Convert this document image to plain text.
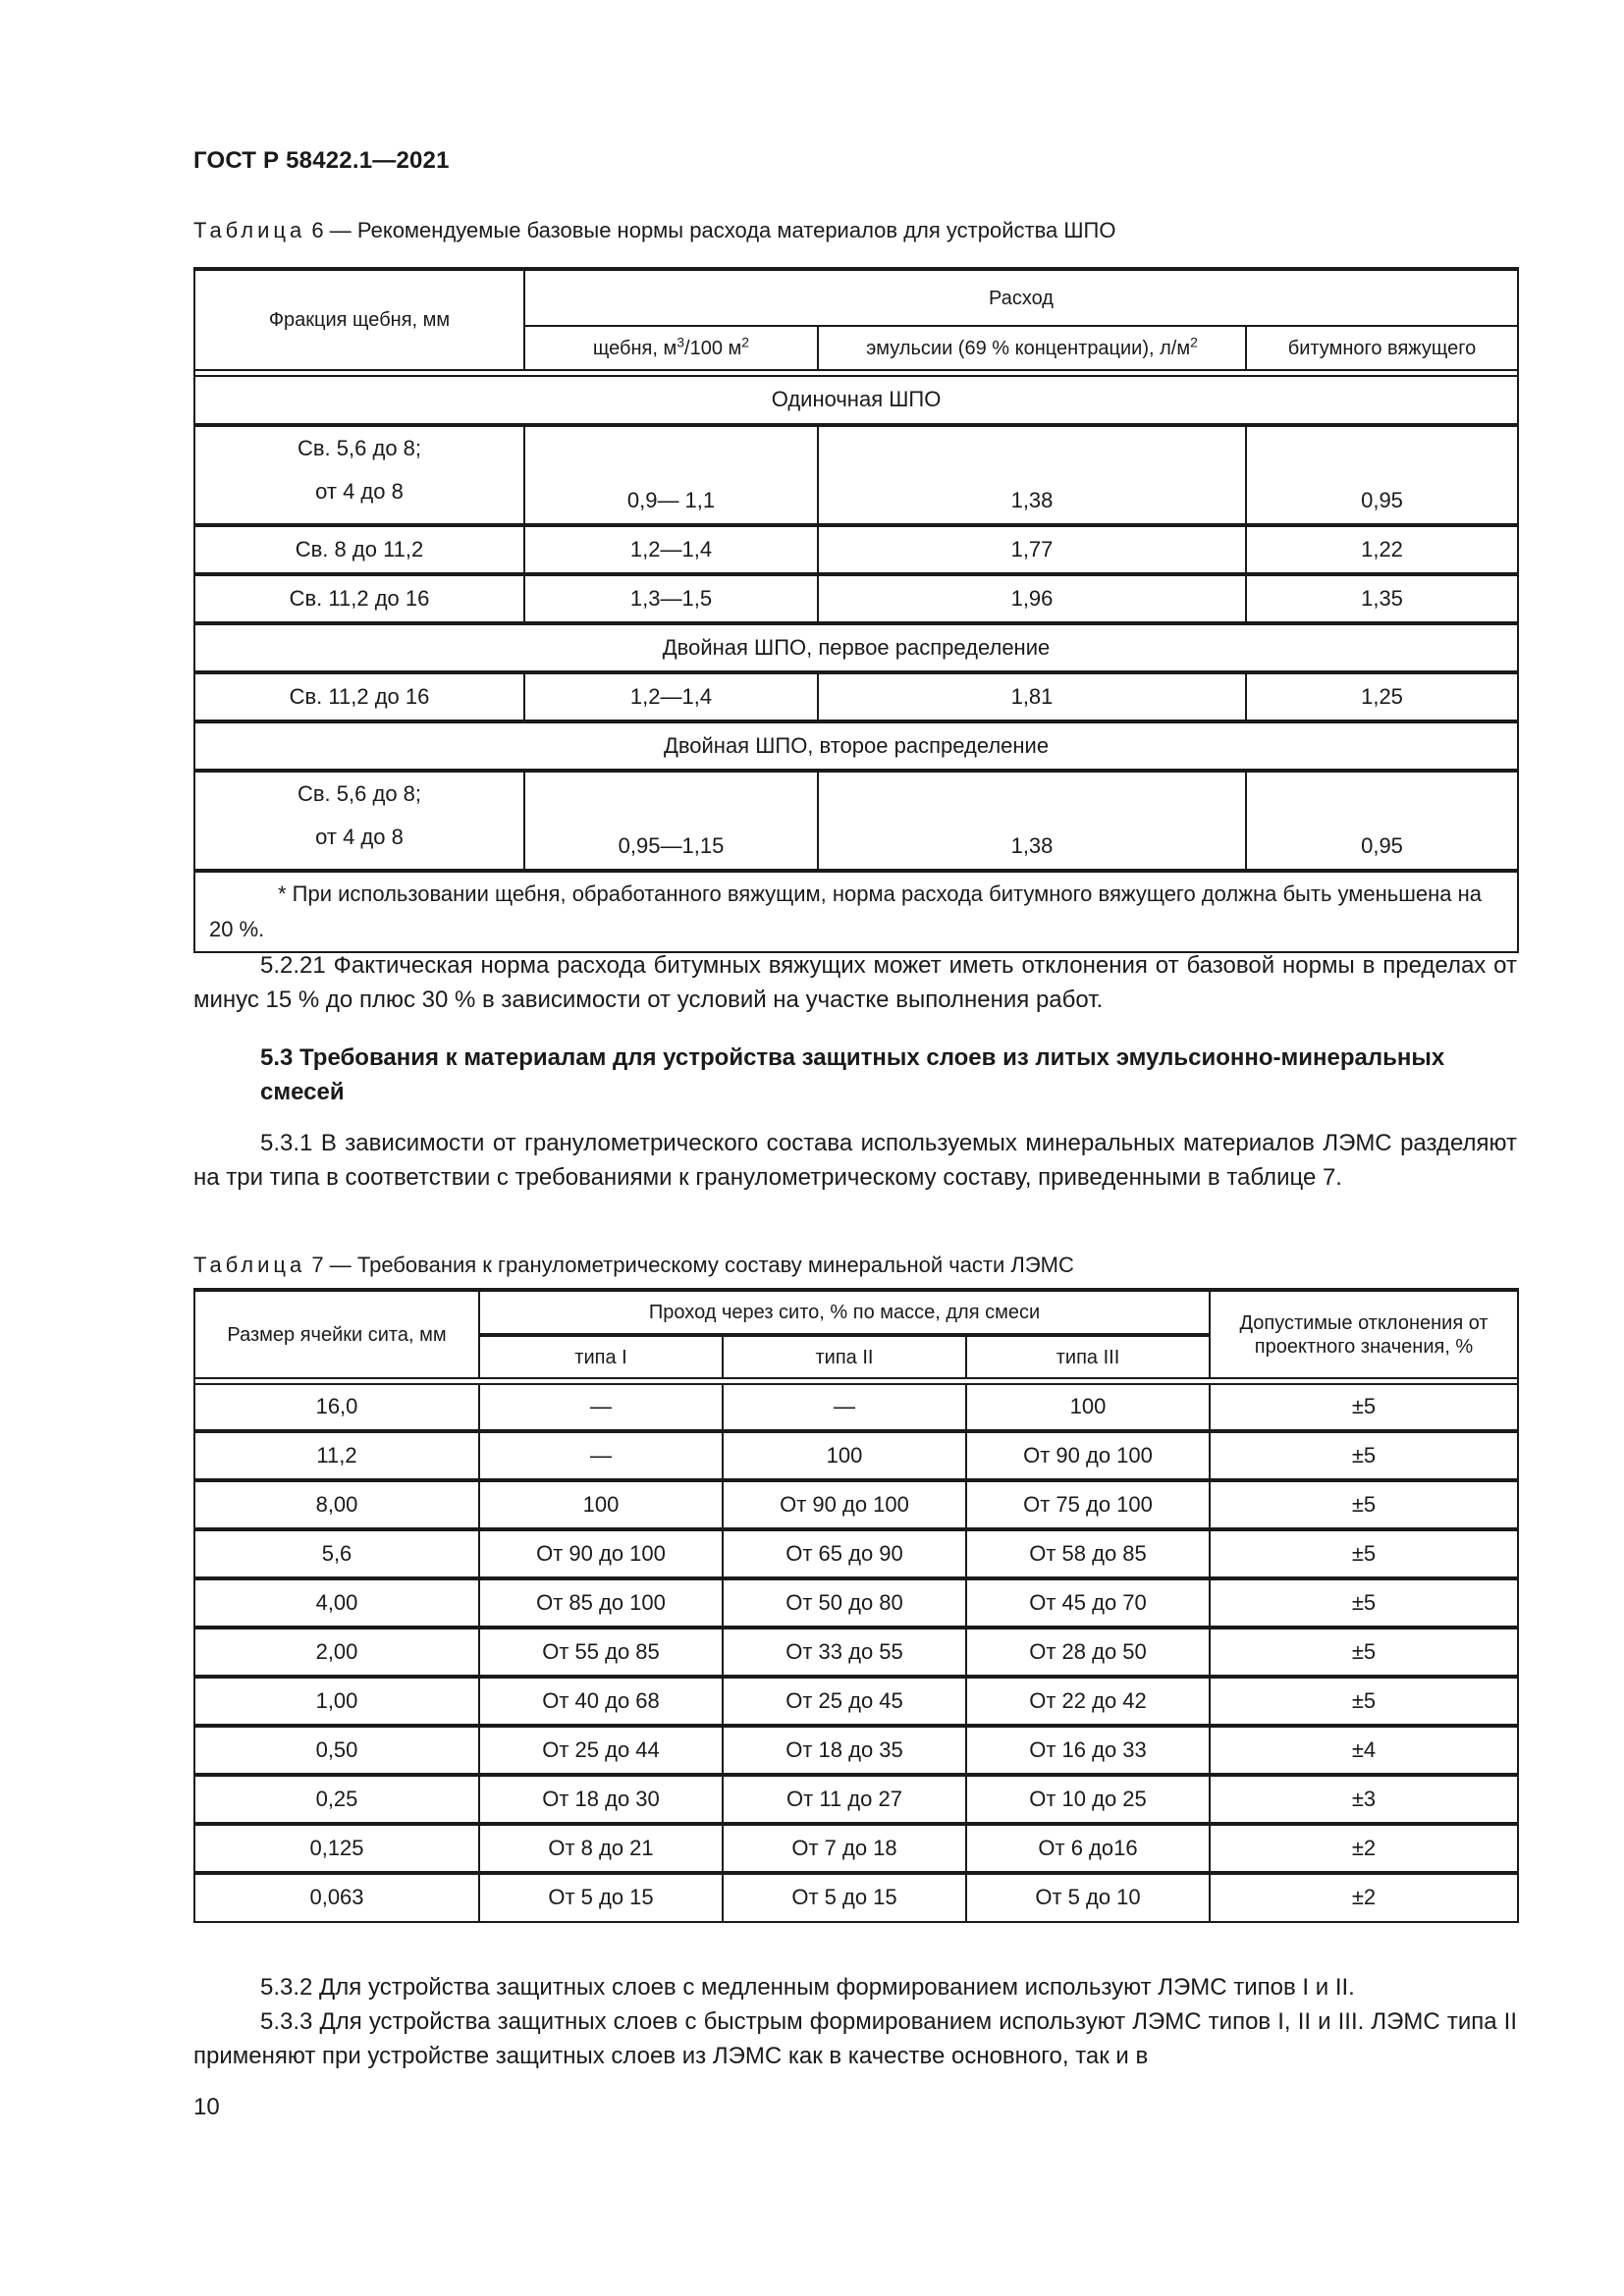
ГОСТ Р 58422.1—2021
Таблица 6 — Рекомендуемые базовые нормы расхода материалов для устройства ШПО
Фракция щебня, мм	Расход		
	щебня, $м^3/100$ $м^2$	эмульсии (69 % концентрации), $л/м^2$	битумного вяжущего

Одиночная ШПО			

Св. 5,6 до 8;
от 4 до 8	0,9— 1,1	1,38	0,95
Св. 8 до 11,2	1,2—1,4	1,77	1,22
Св. 11,2 до 16	1,3—1,5	1,96	1,35
Двойная ШПО, первое распределение			
Св. 11,2 до 16	1,2—1,4	1,81	1,25
Двойная ШПО, второе распределение			

Св. 5,6 до 8;
от 4 до 8	0,95—1,15	1,38	0,95
* При использовании щебня, обработанного вяжущим, норма расхода битумного вяжущего должна быть уменьшена на 20 %.			
5.2.21 Фактическая норма расхода битумных вяжущих может иметь отклонения от базовой нормы в пределах от минус 15 % до плюс 30 % в зависимости от условий на участке выполнения работ.
5.3 Требования к материалам для устройства защитных слоев из литых эмульсионно-минеральных смесей
5.3.1 В зависимости от гранулометрического состава используемых минеральных материалов ЛЭМС разделяют на три типа в соответствии с требованиями к гранулометрическому составу, приведенными в таблице 7.
Таблица 7 — Требования к гранулометрическому составу минеральной части ЛЭМС
Размер ячейки сита, мм	Проход через сито, % по массе, для смеси			Допустимые отклонения от проектного значения, %
	типа I	типа II	типа III	

16,0	—	—	100	±5
11,2	—	100	От 90 до 100	±5
8,00	100	От 90 до 100	От 75 до 100	±5
5,6	От 90 до 100	От 65 до 90	От 58 до 85	±5
4,00	От 85 до 100	От 50 до 80	От 45 до 70	±5
2,00	От 55 до 85	От 33 до 55	От 28 до 50	±5
1,00	От 40 до 68	От 25 до 45	От 22 до 42	±5
0,50	От 25 до 44	От 18 до 35	От 16 до 33	±4
0,25	От 18 до 30	От 11 до 27	От 10 до 25	±3
0,125	От 8 до 21	От 7 до 18	От 6 до16	±2
0,063	От 5 до 15	От 5 до 15	От 5 до 10	±2
5.3.2 Для устройства защитных слоев с медленным формированием используют ЛЭМС типов I и II.
5.3.3 Для устройства защитных слоев с быстрым формированием используют ЛЭМС типов I, II и III. ЛЭМС типа II применяют при устройстве защитных слоев из ЛЭМС как в качестве основного, так и в
10
